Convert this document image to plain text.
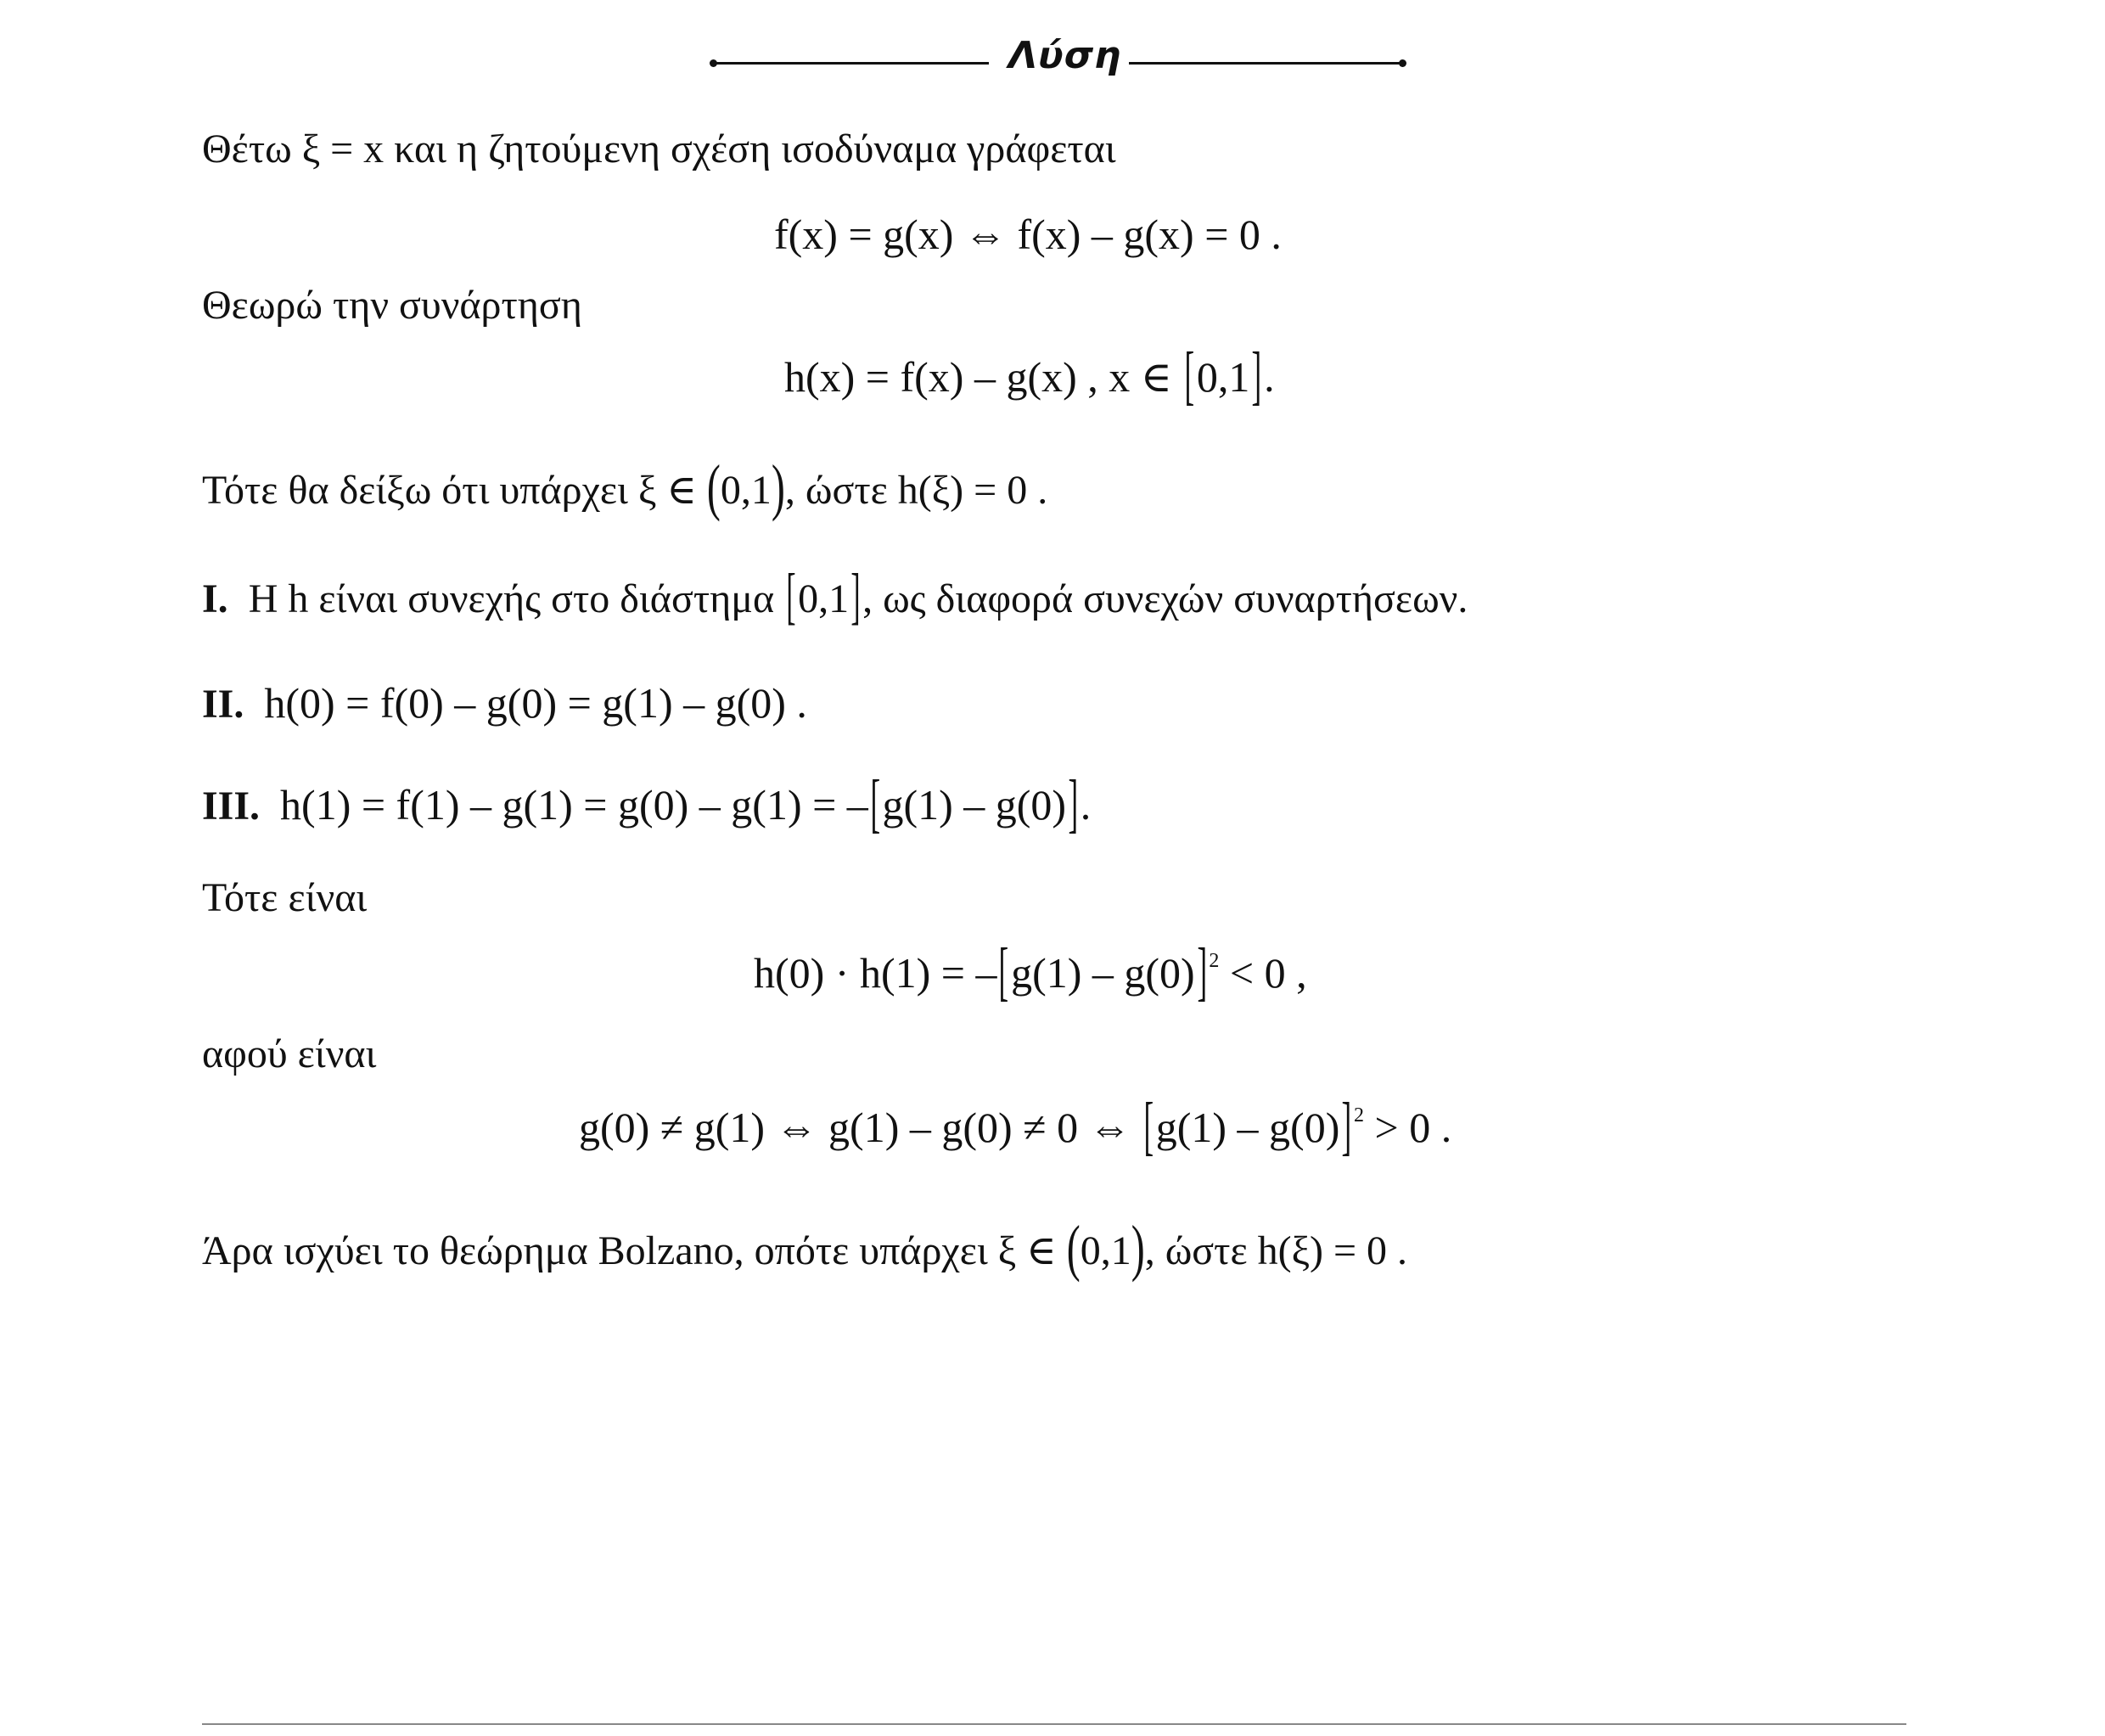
Λύση
Θέτω ξ = x και η ζητούμενη σχέση ισοδύναμα γράφεται
f(x) = g(x) ⇔ f(x) – g(x) = 0 .
Θεωρώ την συνάρτηση
h(x) = f(x) – g(x) , x ∈ [0,1].
Τότε θα δείξω ότι υπάρχει ξ ∈ (0,1), ώστε h(ξ) = 0 .
I. Η h είναι συνεχής στο διάστημα [0,1], ως διαφορά συνεχών συναρτήσεων.
II. h(0) = f(0) – g(0) = g(1) – g(0) .
III. h(1) = f(1) – g(1) = g(0) – g(1) = –[g(1) – g(0)].
Τότε είναι
h(0) · h(1) = –[g(1) – g(0)] $^2$ < 0 ,
αφού είναι
g(0) ≠ g(1) ⇔ g(1) – g(0) ≠ 0 ⇔ [g(1) – g(0)] $^2$ > 0 .
Άρα ισχύει το θεώρημα Bolzano, οπότε υπάρχει ξ ∈ (0,1), ώστε h(ξ) = 0 .
